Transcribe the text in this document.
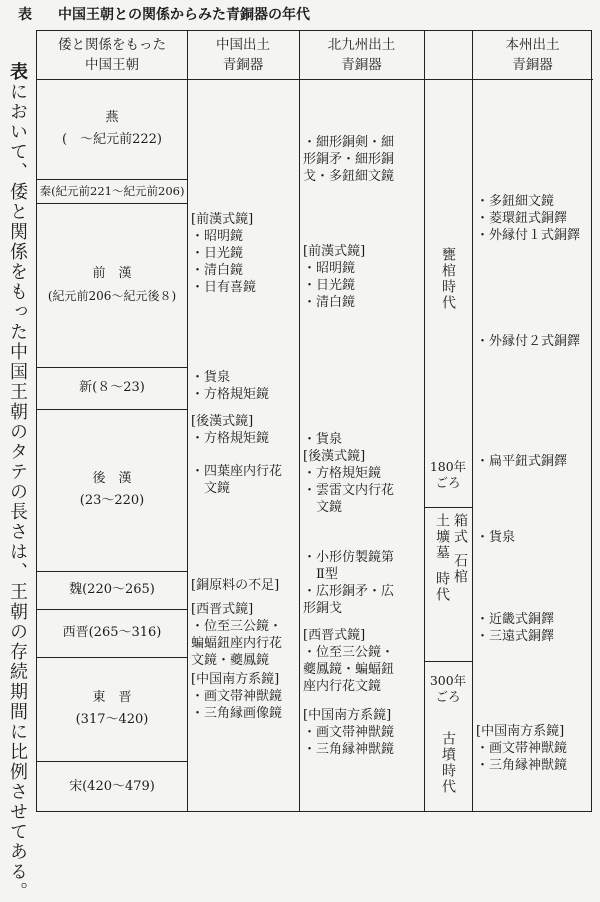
表 中国王朝との関係からみた青銅器の年代
表において、倭と関係をもった中国王朝のタテの長さは、王朝の存続期間に比例させてある。
倭と関係をもった
中国王朝
中国出土
青銅器
北九州出土
青銅器
本州出土
青銅器
燕
(　～紀元前222)
秦 (紀元前221～紀元前206)
前　漢
(紀元前206～紀元後８)
新 (８～23)
後　漢
(23～220)
魏 (220～265)
西晋 (265～316)
東　晋
(317～420)
宋 (420～479)
[前漢式鏡]
・昭明鏡
・日光鏡
・清白鏡
・日有喜鏡
・貨泉
・方格規矩鏡
[後漢式鏡]
・方格規矩鏡
・四葉座内行花
　文鏡
[銅原料の不足]
[西晋式鏡]
・位至三公鏡・
蝙蝠鈕座内行花
文鏡・夔鳳鏡
[中国南方系鏡]
・画文帯神獣鏡
・三角縁画像鏡
・細形銅剣・細
形銅矛・細形銅
戈・多鈕細文鏡
[前漢式鏡]
・昭明鏡
・日光鏡
・清白鏡
・貨泉
[後漢式鏡]
・方格規矩鏡
・雲雷文内行花
　文鏡
・小形仿製鏡第
　Ⅱ型
・広形銅矛・広
形銅戈
[西晋式鏡]
・位至三公鏡・
夔鳳鏡・蝙蝠鈕
座内行花文鏡
[中国南方系鏡]
・画文帯神獣鏡
・三角縁神獣鏡
甕棺時代
180年
ごろ
箱式
土壙墓
石棺
時代
300年
ごろ
古墳時代
・多鈕細文鏡
・菱環鈕式銅鐸
・外縁付１式銅鐸
・外縁付２式銅鐸
・扁平鈕式銅鐸
・貨泉
・近畿式銅鐸
・三遠式銅鐸
[中国南方系鏡]
・画文帯神獣鏡
・三角縁神獣鏡
